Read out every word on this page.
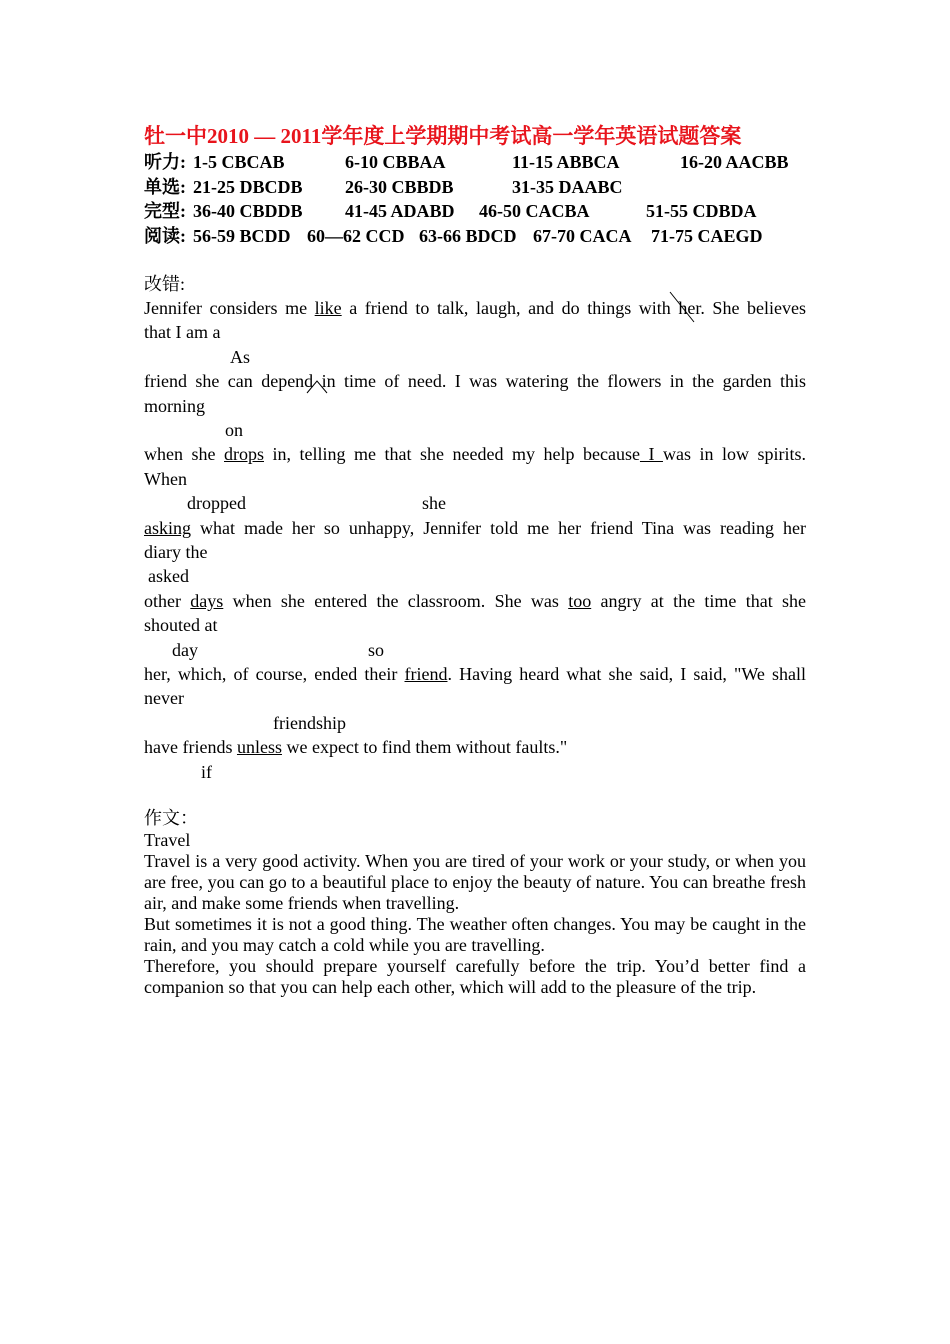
牡一中2010 — 2011学年度上学期期中考试高一学年英语试题答案
听力: 1-5 CBCAB	6-10 CBBAA	11-15 ABBCA	16-20 AACBB
单选: 21-25 DBCDB 26-30 CBBDB	31-35 DAABC
完型: 36-40 CBDDB 41-45 ADABD 46-50 CACBA	51-55 CDBDA
阅读: 56-59 BCDD 60—62 CCD 63-66 BDCD 67-70 CACA 71-75 CAEGD
改错:
Jennifer considers me like a friend to talk, laugh, and do things with her. She believes
that I am a
As
friend she can depend in time of need. I was watering the flowers in the garden this
morning
on
when she drops in, telling me that she needed my help because I was in low spirits.
When
dropped	she
asking what made her so unhappy, Jennifer told me her friend Tina was reading her
diary the
asked
other days when she entered the classroom. She was too angry at the time that she
shouted at
day	so
her, which, of course, ended their friend. Having heard what she said, I said, "We shall
never
friendship
have friends unless we expect to find them without faults."
if
作文：

Travel

Travel is a very good activity. When you are tired of your work or your study, or when you are free, you can go to a beautiful place to enjoy the beauty of nature. You can breathe fresh air, and make some friends when travelling.

But sometimes it is not a good thing. The weather often changes. You may be caught in the rain, and you may catch a cold while you are travelling.

Therefore, you should prepare yourself carefully before the trip. You’d better find a companion so that you can help each other, which will add to the pleasure of the trip.
